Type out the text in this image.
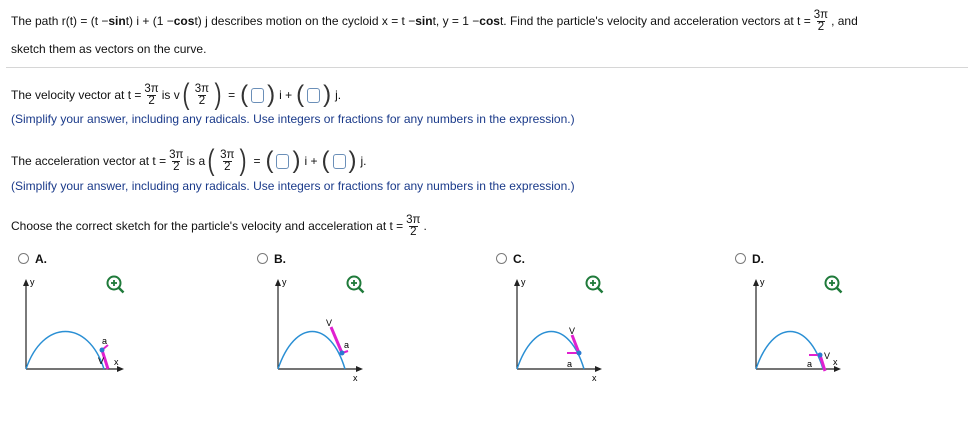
The path r(t) = (t − sin t) i + (1 − cos t) j describes motion on the cycloid x = t − sin t, y = 1 − cos t. Find the particle's velocity and acceleration vectors at $t = \frac{3\pi}{2}$ , and
sketch them as vectors on the curve.
The velocity vector at $t = \frac{3\pi}{2}$ is v ( $\frac{3\pi}{2}$ ) = ( ) i + ( ) j.
(Simplify your answer, including any radicals. Use integers or fractions for any numbers in the expression.)
The acceleration vector at $t = \frac{3\pi}{2}$ is a ( $\frac{3\pi}{2}$ ) = ( ) i + ( ) j.
(Simplify your answer, including any radicals. Use integers or fractions for any numbers in the expression.)
Choose the correct sketch for the particle's velocity and acceleration at $t = \frac{3\pi}{2}$ .
A.
y
x
a
V
B.
y
x
a
V
C.
y
x
a
V
D.
y
x
a
V
